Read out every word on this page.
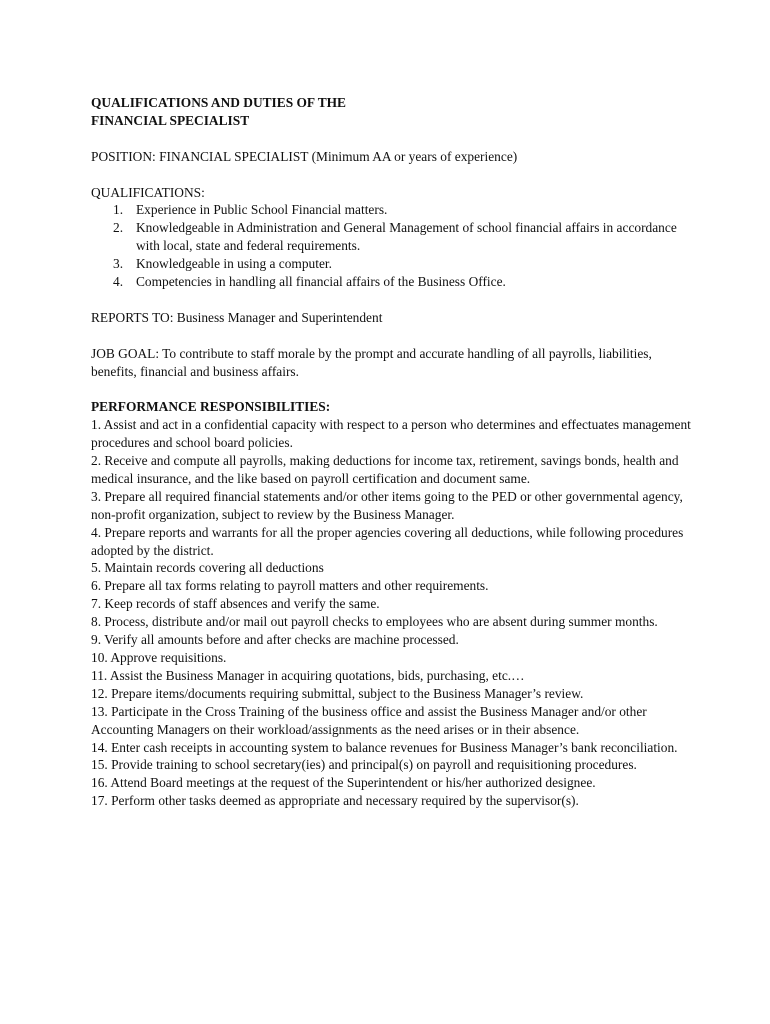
QUALIFICATIONS AND DUTIES OF THE
FINANCIAL SPECIALIST

POSITION: FINANCIAL SPECIALIST (Minimum AA or years of experience)

QUALIFICATIONS:

1. Experience in Public School Financial matters.
2. Knowledgeable in Administration and General Management of school financial affairs in accordance with local, state and federal requirements.
3. Knowledgeable in using a computer.
4. Competencies in handling all financial affairs of the Business Office.

REPORTS TO: Business Manager and Superintendent

JOB GOAL: To contribute to staff morale by the prompt and accurate handling of all payrolls, liabilities, benefits, financial and business affairs.

PERFORMANCE RESPONSIBILITIES:

1. Assist and act in a confidential capacity with respect to a person who determines and effectuates management procedures and school board policies.
2. Receive and compute all payrolls, making deductions for income tax, retirement, savings bonds, health and medical insurance, and the like based on payroll certification and document same.
3. Prepare all required financial statements and/or other items going to the PED or other governmental agency, non-profit organization, subject to review by the Business Manager.
4. Prepare reports and warrants for all the proper agencies covering all deductions, while following procedures adopted by the district.
5. Maintain records covering all deductions
6. Prepare all tax forms relating to payroll matters and other requirements.
7. Keep records of staff absences and verify the same.
8. Process, distribute and/or mail out payroll checks to employees who are absent during summer months.
9. Verify all amounts before and after checks are machine processed.
10. Approve requisitions.
11. Assist the Business Manager in acquiring quotations, bids, purchasing, etc.…
12. Prepare items/documents requiring submittal, subject to the Business Manager’s review.
13. Participate in the Cross Training of the business office and assist the Business Manager and/or other Accounting Managers on their workload/assignments as the need arises or in their absence.
14. Enter cash receipts in accounting system to balance revenues for Business Manager’s bank reconciliation.
15. Provide training to school secretary(ies) and principal(s) on payroll and requisitioning procedures.
16. Attend Board meetings at the request of the Superintendent or his/her authorized designee.
17. Perform other tasks deemed as appropriate and necessary required by the supervisor(s).
